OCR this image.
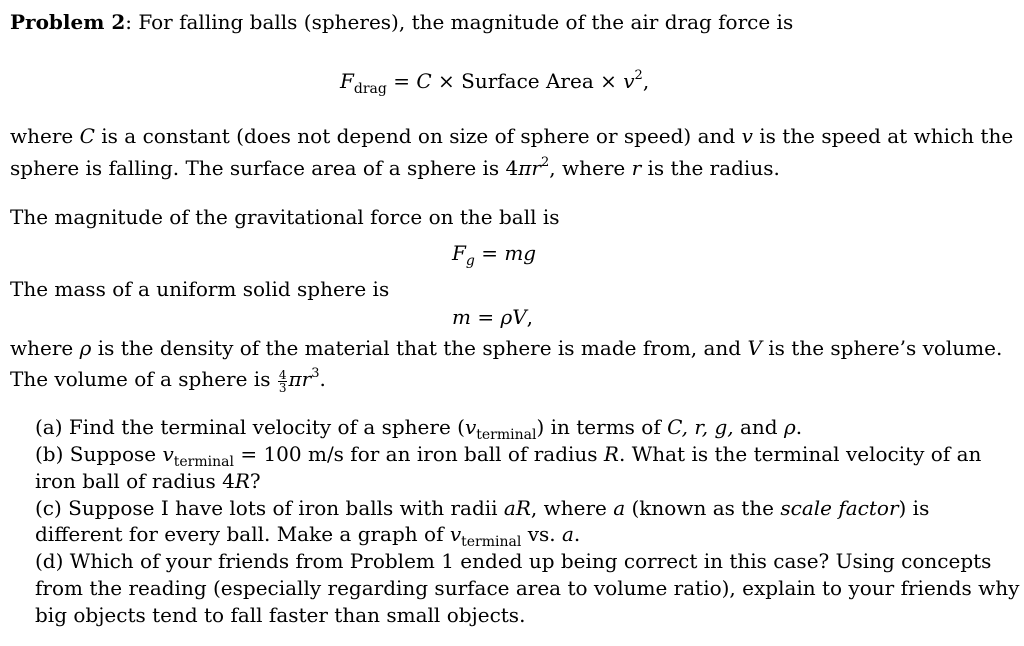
Problem 2: For falling balls (spheres), the magnitude of the air drag force is
$F_{drag} = C$ × Surface Area × $v^2$,
where C is a constant (does not depend on size of sphere or speed) and v is the speed at which the
sphere is falling. The surface area of a sphere is $4\pi r^2$, where r is the radius.
The magnitude of the gravitational force on the ball is
$F_g$ = mg
The mass of a uniform solid sphere is
m = ρV,
where ρ is the density of the material that the sphere is made from, and V is the sphere’s volume.
The volume of a sphere is $\frac{4}{3} \pi r^3$.
(a) Find the terminal velocity of a sphere $(v_{terminal})$ in terms of C, r, g, and ρ.
(b) Suppose $v_{terminal} = 100$ m/s for an iron ball of radius R. What is the terminal velocity of an
iron ball of radius 4R?
(c) Suppose I have lots of iron balls with radii aR, where a (known as the scale factor) is
different for every ball. Make a graph of $v_{terminal}$ vs. a.
(d) Which of your friends from Problem 1 ended up being correct in this case? Using concepts
from the reading (especially regarding surface area to volume ratio), explain to your friends why
big objects tend to fall faster than small objects.
